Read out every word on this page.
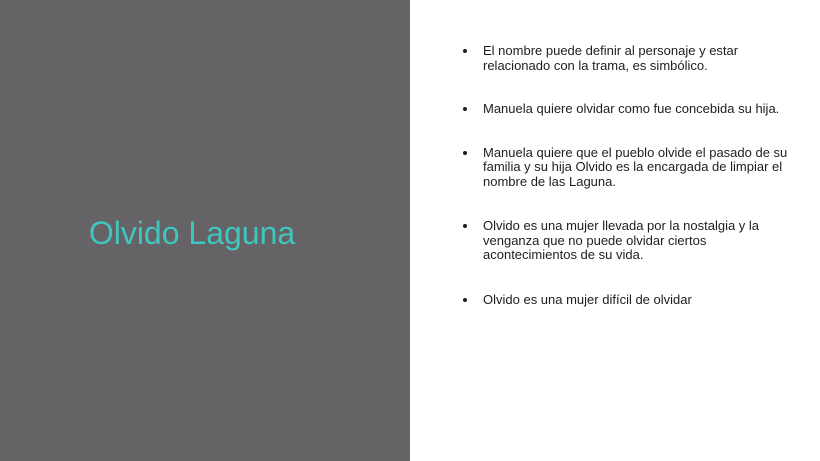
Olvido Laguna
El nombre puede definir al personaje y estar relacionado con la trama, es simbólico.
Manuela quiere olvidar como fue concebida su hija.
Manuela quiere que el pueblo olvide el pasado de su familia y su hija Olvido es la encargada de limpiar el nombre de las Laguna.
Olvido es una mujer llevada por la nostalgia y la venganza que no puede olvidar ciertos acontecimientos de su vida.
Olvido es una mujer difícil de olvidar
